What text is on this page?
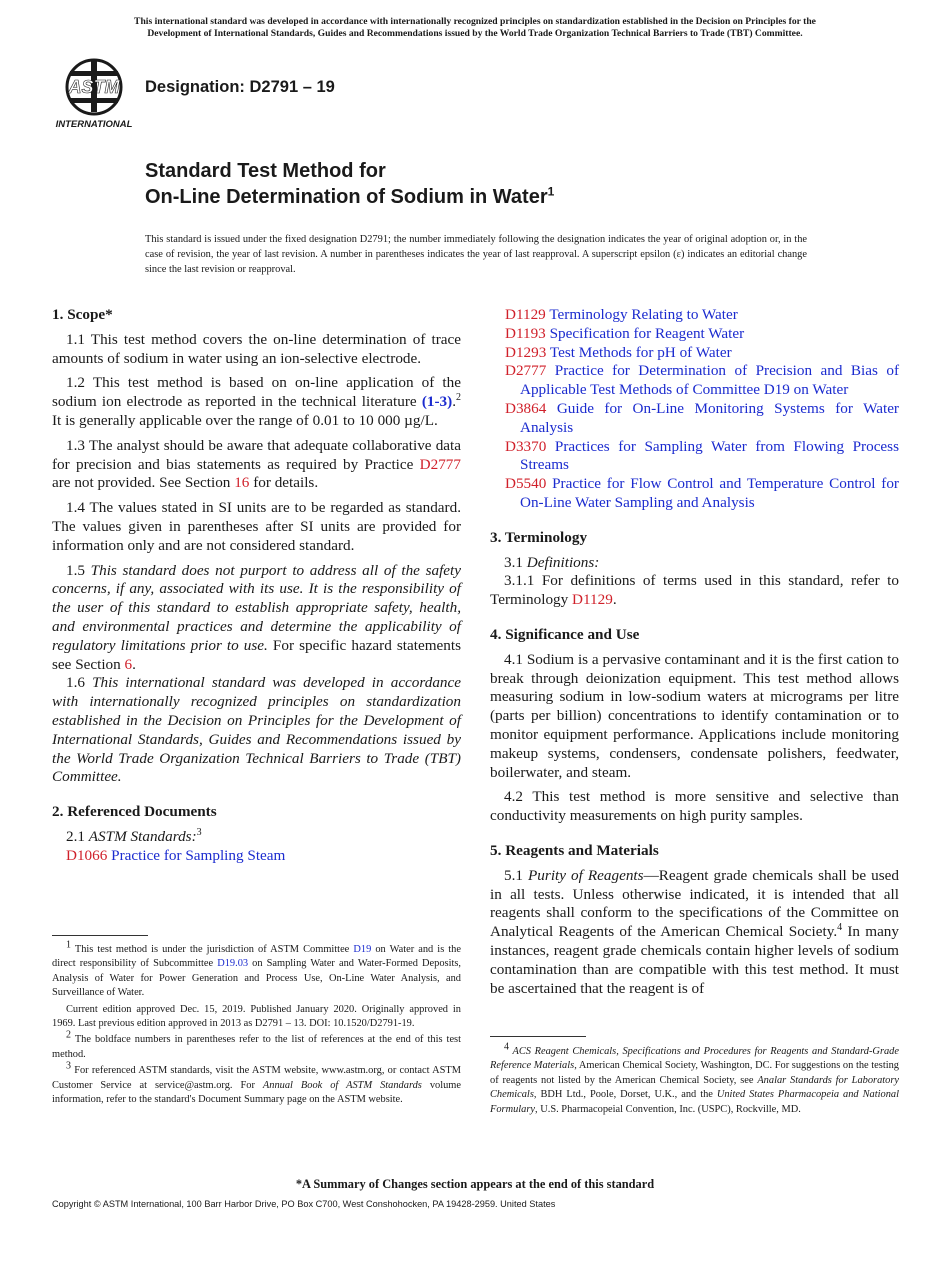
This international standard was developed in accordance with internationally recognized principles on standardization established in the Decision on Principles for the
Development of International Standards, Guides and Recommendations issued by the World Trade Organization Technical Barriers to Trade (TBT) Committee.
ASTM
INTERNATIONAL
Designation: D2791 – 19
Standard Test Method for
On-Line Determination of Sodium in Water$^1$
This standard is issued under the fixed designation D2791; the number immediately following the designation indicates the year of original adoption or, in the case of revision, the year of last revision. A number in parentheses indicates the year of last reapproval. A superscript epsilon (ε) indicates an editorial change since the last revision or reapproval.
1. Scope*

1.1 This test method covers the on-line determination of trace amounts of sodium in water using an ion-selective electrode.

1.2 This test method is based on on-line application of the sodium ion electrode as reported in the technical literature (1-3).$^2$ It is generally applicable over the range of 0.01 to 10 000 µg/L.

1.3 The analyst should be aware that adequate collaborative data for precision and bias statements as required by Practice D2777 are not provided. See Section 16 for details.

1.4 The values stated in SI units are to be regarded as standard. The values given in parentheses after SI units are provided for information only and are not considered standard.

1.5 This standard does not purport to address all of the safety concerns, if any, associated with its use. It is the responsibility of the user of this standard to establish appropriate safety, health, and environmental practices and determine the applicability of regulatory limitations prior to use. For specific hazard statements see Section 6.

1.6 This international standard was developed in accordance with internationally recognized principles on standardization established in the Decision on Principles for the Development of International Standards, Guides and Recommendations issued by the World Trade Organization Technical Barriers to Trade (TBT) Committee.

2. Referenced Documents

2.1 ASTM Standards:$^3$

D1066 Practice for Sampling Steam

$^1$ This test method is under the jurisdiction of ASTM Committee D19 on Water and is the direct responsibility of Subcommittee D19.03 on Sampling Water and Water-Formed Deposits, Analysis of Water for Power Generation and Process Use, On-Line Water Analysis, and Surveillance of Water.

Current edition approved Dec. 15, 2019. Published January 2020. Originally approved in 1969. Last previous edition approved in 2013 as D2791 – 13. DOI: 10.1520/D2791-19.

$^2$ The boldface numbers in parentheses refer to the list of references at the end of this test method.

$^3$ For referenced ASTM standards, visit the ASTM website, www.astm.org, or contact ASTM Customer Service at service@astm.org. For Annual Book of ASTM Standards volume information, refer to the standard's Document Summary page on the ASTM website.

D1129 Terminology Relating to Water

D1193 Specification for Reagent Water

D1293 Test Methods for pH of Water

D2777 Practice for Determination of Precision and Bias of Applicable Test Methods of Committee D19 on Water

D3864 Guide for On-Line Monitoring Systems for Water Analysis

D3370 Practices for Sampling Water from Flowing Process Streams

D5540 Practice for Flow Control and Temperature Control for On-Line Water Sampling and Analysis

3. Terminology

3.1 Definitions:

3.1.1 For definitions of terms used in this standard, refer to Terminology D1129.

4. Significance and Use

4.1 Sodium is a pervasive contaminant and it is the first cation to break through deionization equipment. This test method allows measuring sodium in low-sodium waters at micrograms per litre (parts per billion) concentrations to identify contamination or to monitor equipment performance. Applications include monitoring makeup systems, condensers, condensate polishers, feedwater, boilerwater, and steam.

4.2 This test method is more sensitive and selective than conductivity measurements on high purity samples.

5. Reagents and Materials

5.1 Purity of Reagents—Reagent grade chemicals shall be used in all tests. Unless otherwise indicated, it is intended that all reagents shall conform to the specifications of the Committee on Analytical Reagents of the American Chemical Society.$^4$ In many instances, reagent grade chemicals contain higher levels of sodium contamination than are compatible with this test method. It must be ascertained that the reagent is of

$^4$ ACS Reagent Chemicals, Specifications and Procedures for Reagents and Standard-Grade Reference Materials, American Chemical Society, Washington, DC. For suggestions on the testing of reagents not listed by the American Chemical Society, see Analar Standards for Laboratory Chemicals, BDH Ltd., Poole, Dorset, U.K., and the United States Pharmacopeia and National Formulary, U.S. Pharmacopeial Convention, Inc. (USPC), Rockville, MD.

*A Summary of Changes section appears at the end of this standard
Copyright © ASTM International, 100 Barr Harbor Drive, PO Box C700, West Conshohocken, PA 19428-2959. United States
